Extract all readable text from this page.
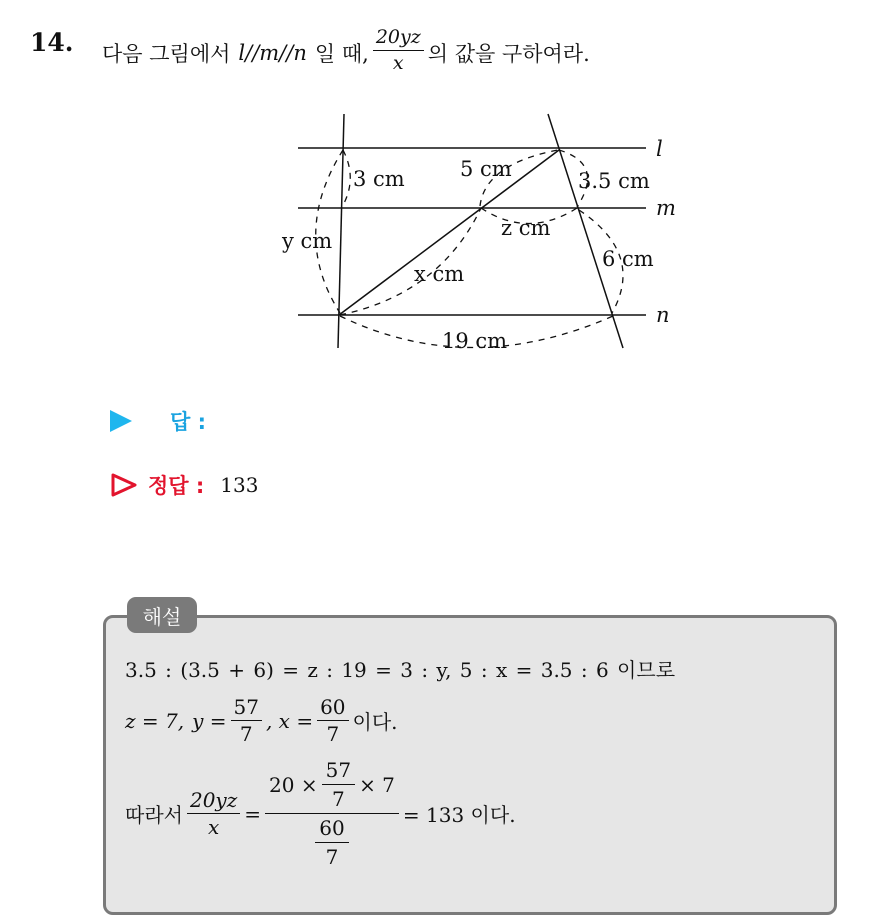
14. 다음 그림에서 l//m//n 일 때, $\frac{20yz}{x}$ 의 값을 구하여라.
l
m
n
3 cm	5 cm	3.5 cm
y cm
z cm
6 cm
x cm
19 cm
답 :
정답 : 133
해설
3.5 : (3.5 + 6) = z : 19 = 3 : y, 5 : x = 3.5 : 6 이므로
z = 7, $y = \frac{57}{7}$ , $x = \frac{60}{7}$ 이다.
따라서 $\frac{20yz}{x} = \frac{20 \times \frac{57}{7} \times 7}{\frac{60}{7}} = 133$ 이다.
